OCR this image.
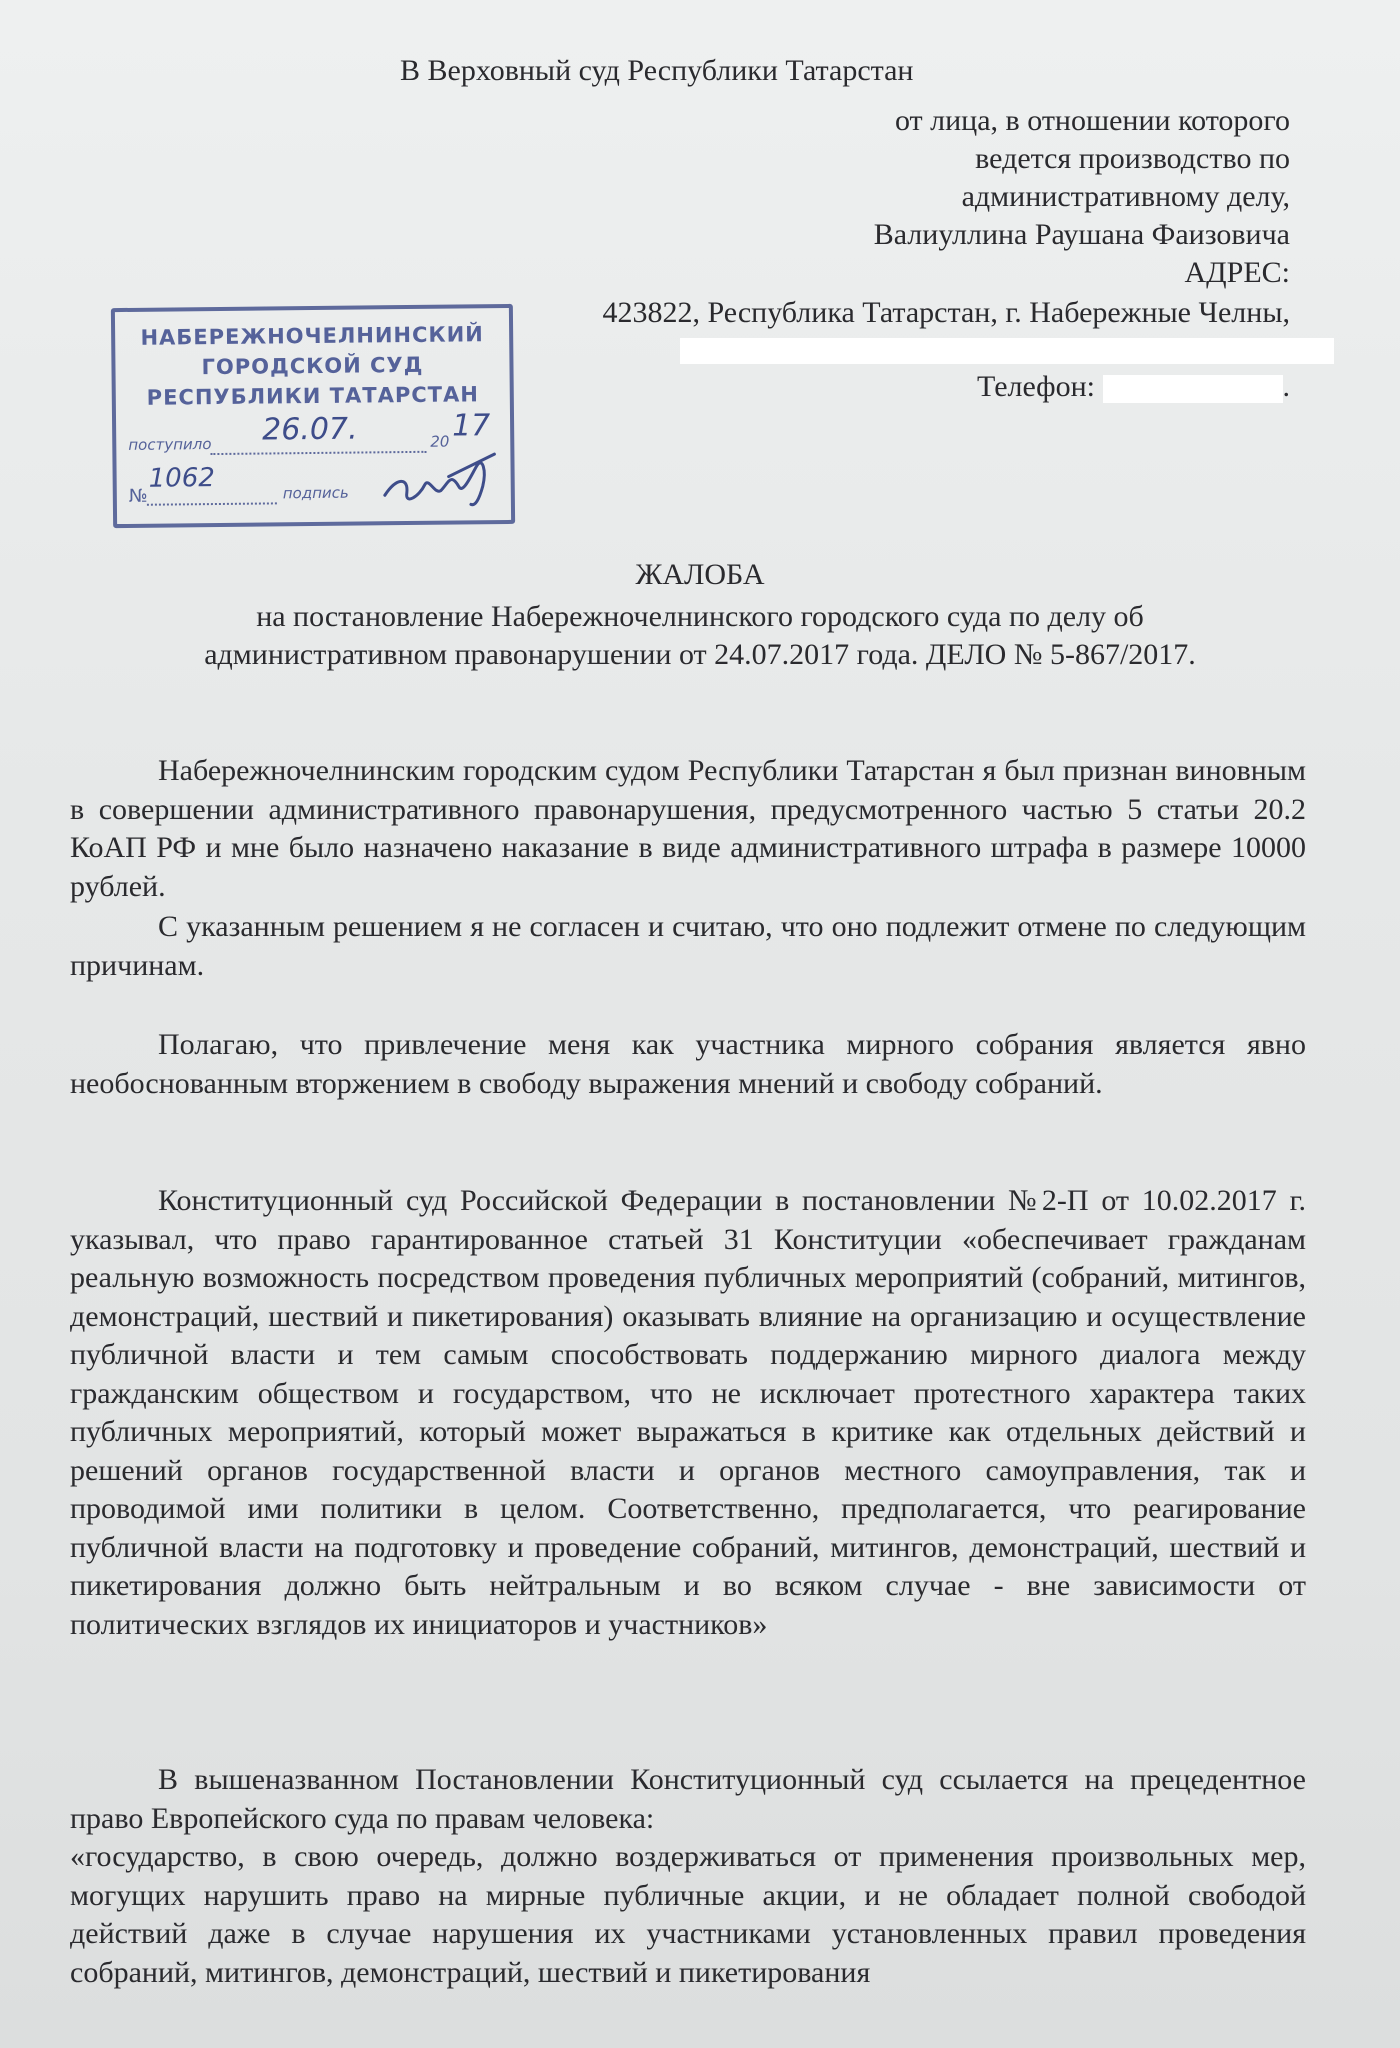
В Верховный суд Республики Татарстан
от лица, в отношении которого
ведется производство по
административному делу,
Валиуллина Раушана Фаизовича
АДРЕС:
423822, Республика Татарстан, г. Набережные Челны,
Телефон:	.
НАБЕРЕЖНОЧЕЛНИНСКИЙ
ГОРОДСКОЙ СУД
РЕСПУБЛИКИ ТАТАРСТАН
поступило 26.07.	20 17
№
1062	подпись
ЖАЛОБА
на постановление Набережночелнинского городского суда по делу об
административном правонарушении от 24.07.2017 года. ДЕЛО № 5-867/2017.
Набережночелнинским городским судом Республики Татарстан я был признан виновным в совершении административного правонарушения, предусмотренного частью 5 статьи 20.2 КоАП РФ и мне было назначено наказание в виде административного штрафа в размере 10000 рублей.
С указанным решением я не согласен и считаю, что оно подлежит отмене по следующим причинам.
Полагаю, что привлечение меня как участника мирного собрания является явно необоснованным вторжением в свободу выражения мнений и свободу собраний.
Конституционный суд Российской Федерации в постановлении №2-П от 10.02.2017 г. указывал, что право гарантированное статьей 31 Конституции «обеспечивает гражданам реальную возможность посредством проведения публичных мероприятий (собраний, митингов, демонстраций, шествий и пикетирования) оказывать влияние на организацию и осуществление публичной власти и тем самым способствовать поддержанию мирного диалога между гражданским обществом и государством, что не исключает протестного характера таких публичных мероприятий, который может выражаться в критике как отдельных действий и решений органов государственной власти и органов местного самоуправления, так и проводимой ими политики в целом. Соответственно, предполагается, что реагирование публичной власти на подготовку и проведение собраний, митингов, демонстраций, шествий и пикетирования должно быть нейтральным и во всяком случае - вне зависимости от политических взглядов их инициаторов и участников»
В вышеназванном Постановлении Конституционный суд ссылается на прецедентное право Европейского суда по правам человека:
«государство, в свою очередь, должно воздерживаться от применения произвольных мер, могущих нарушить право на мирные публичные акции, и не обладает полной свободой действий даже в случае нарушения их участниками установленных правил проведения собраний, митингов, демонстраций, шествий и пикетирования
